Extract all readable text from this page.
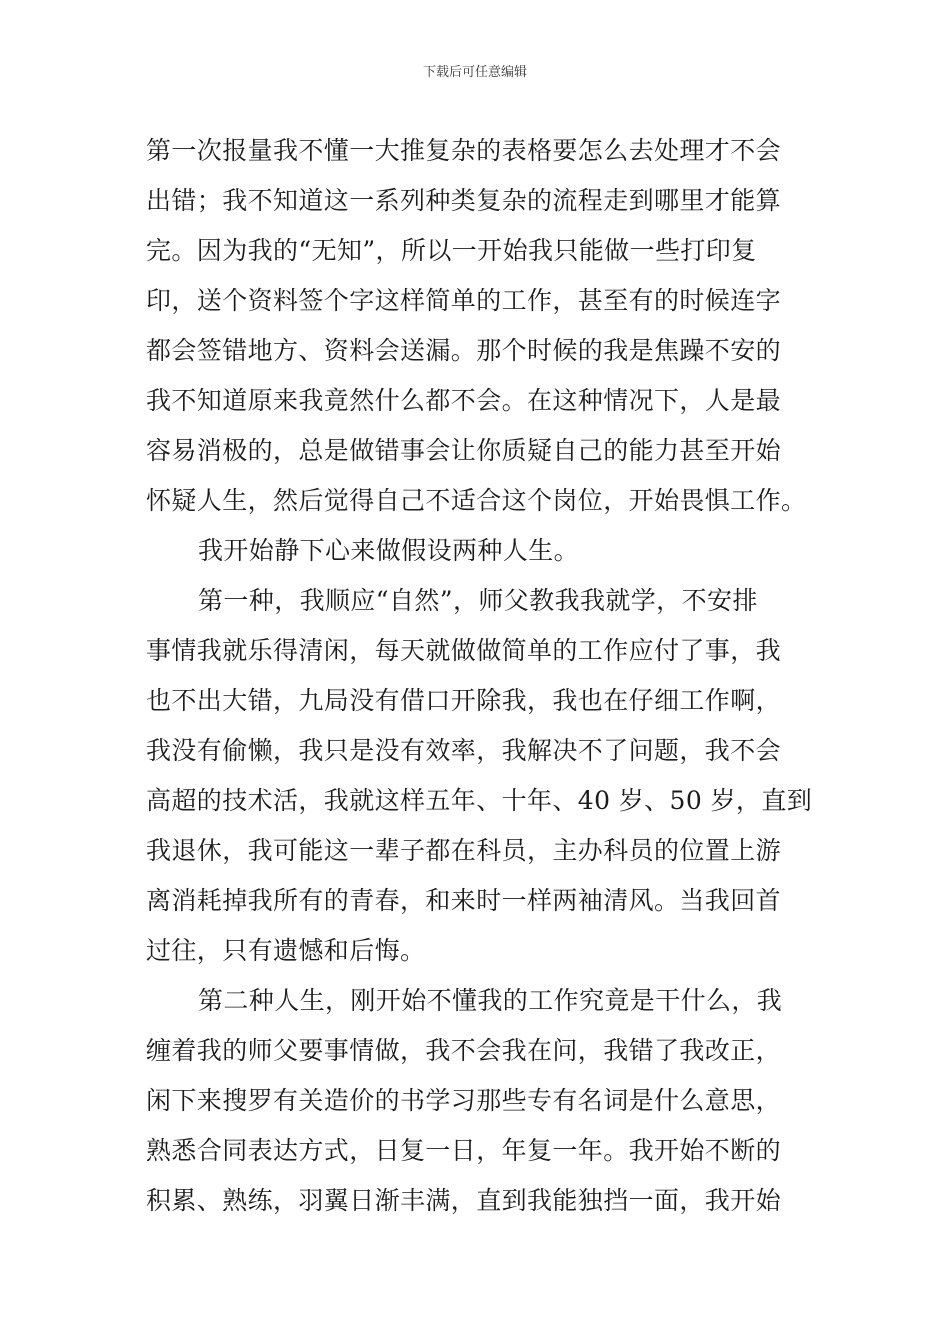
下载后可任意编辑
第一次报量我不懂一大推复杂的表格要怎么去处理才不会
出错；我不知道这一系列种类复杂的流程走到哪里才能算
完。因为我的“无知”，所以一开始我只能做一些打印复
印，送个资料签个字这样简单的工作，甚至有的时候连字
都会签错地方、资料会送漏。那个时候的我是焦躁不安的
我不知道原来我竟然什么都不会。在这种情况下，人是最
容易消极的，总是做错事会让你质疑自己的能力甚至开始
怀疑人生，然后觉得自己不适合这个岗位，开始畏惧工作。
我开始静下心来做假设两种人生。
第一种，我顺应“自然”，师父教我我就学，不安排
事情我就乐得清闲，每天就做做简单的工作应付了事，我
也不出大错，九局没有借口开除我，我也在仔细工作啊，
我没有偷懒，我只是没有效率，我解决不了问题，我不会
高超的技术活，我就这样五年、十年、40 岁、50 岁，直到
我退休，我可能这一辈子都在科员，主办科员的位置上游
离消耗掉我所有的青春，和来时一样两袖清风。当我回首
过往，只有遗憾和后悔。
第二种人生，刚开始不懂我的工作究竟是干什么，我
缠着我的师父要事情做，我不会我在问，我错了我改正，
闲下来搜罗有关造价的书学习那些专有名词是什么意思，
熟悉合同表达方式，日复一日，年复一年。我开始不断的
积累、熟练，羽翼日渐丰满，直到我能独挡一面，我开始
